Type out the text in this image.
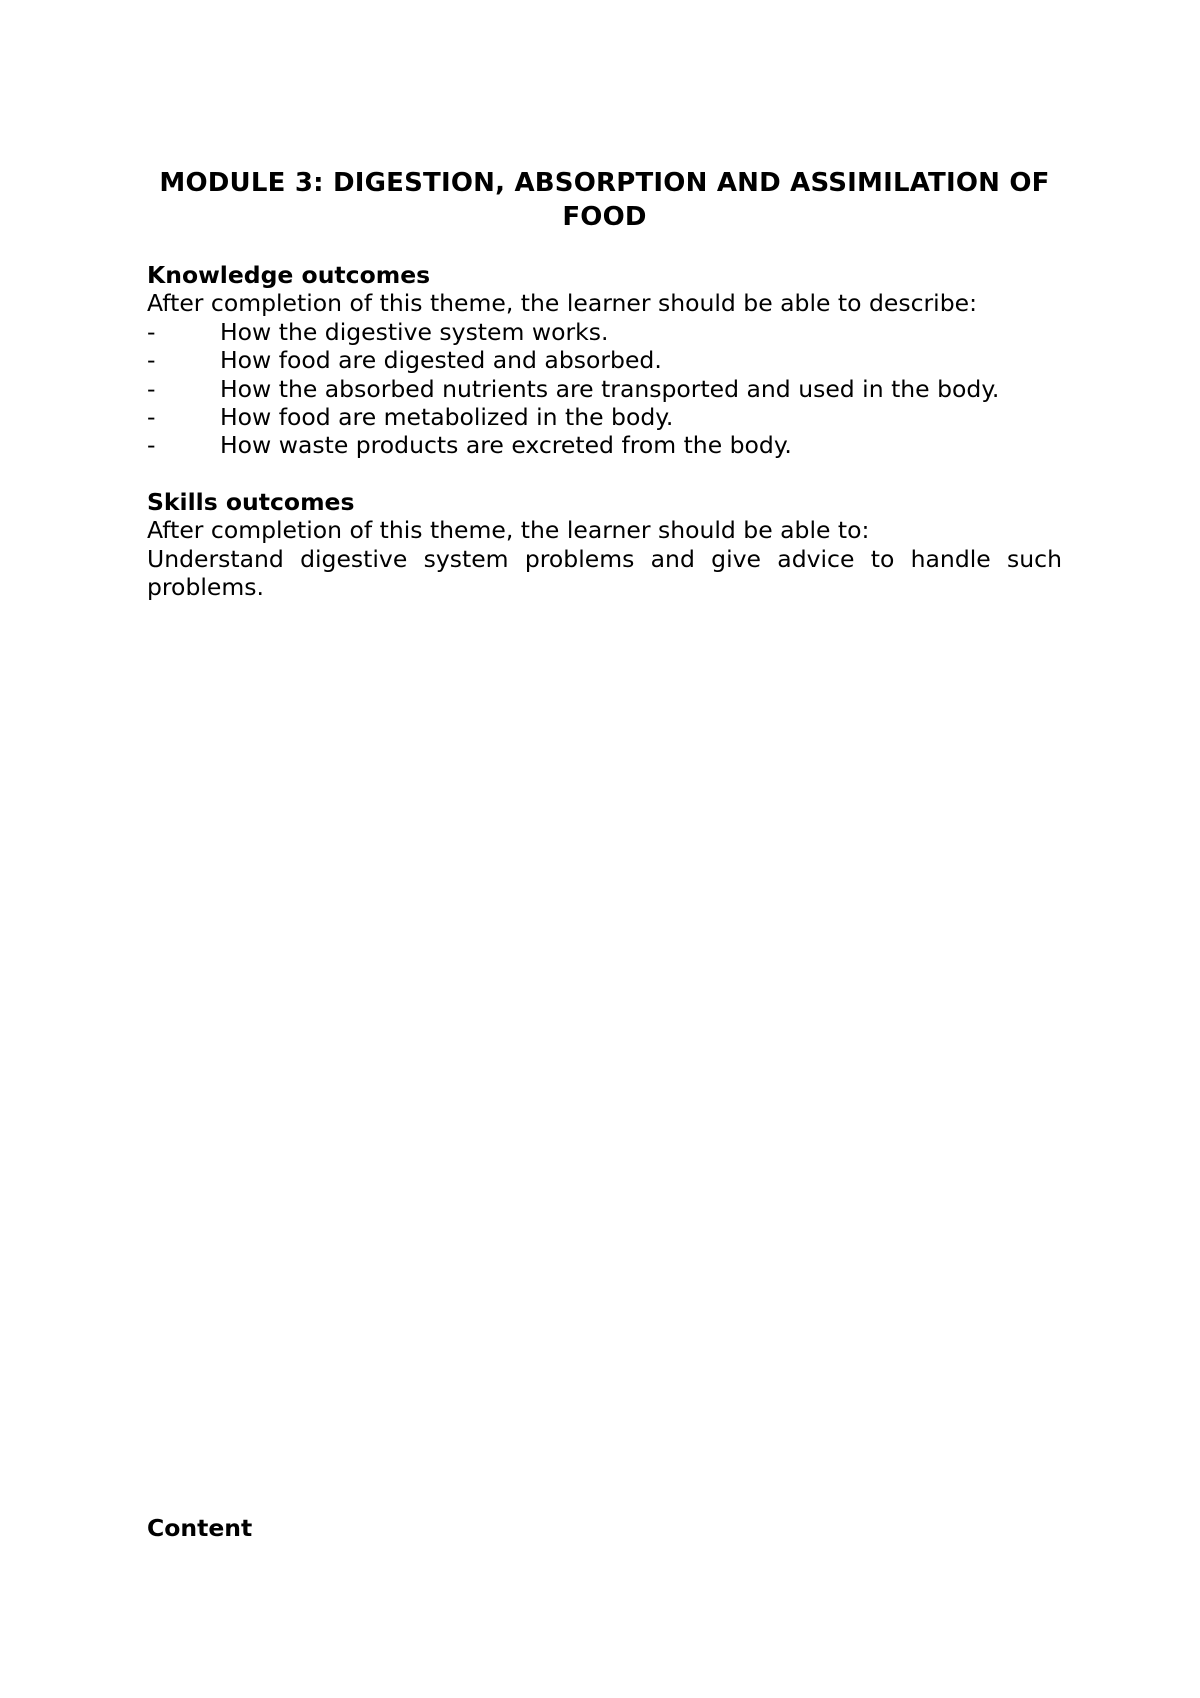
MODULE 3: DIGESTION, ABSORPTION AND ASSIMILATION OF FOOD

Knowledge outcomes

After completion of this theme, the learner should be able to describe:

-	How the digestive system works.
-	How food are digested and absorbed.
-	How the absorbed nutrients are transported and used in the body.
-	How food are metabolized in the body.
-	How waste products are excreted from the body.

Skills outcomes

After completion of this theme, the learner should be able to:

Understand digestive system problems and give advice to handle such problems.

Content
